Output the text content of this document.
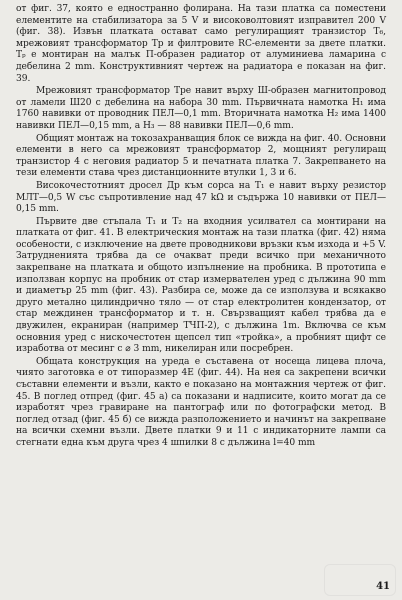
от фиг. 37, която е едностранно фолирана. На тази платка са поместени елементите на стабилизатора за 5 V и високоволтовият изправител 200 V (фиг. 38). Извън платката остават само регулиращият транзистор T₆, мрежовият трансформатор Tp и филтровите RC-елементи за двете платки. Tₚ е монтиран на малък П-образен радиатор от алуминиева ламарина с дебелина 2 mm. Конструктивният чертеж на радиатора е показан на фиг. 39.

Мрежовият трансформатор Tpe навит върху Ш-образен магнитопровод от ламели Ш20 с дебелина на набора 30 mm. Първичната намотка H₁ има 1760 навивки от проводник ПЕЛ—0,1 mm. Вторичната намотка H₂ има 1400 навивки ПЕЛ—0,15 mm, а H₃ — 88 навивки ПЕЛ—0,6 mm.

Общият монтаж на токозахранващия блок се вижда на фиг. 40. Основни елементи в него са мрежовият трансформатор 2, мощният регулиращ транзистор 4 с неговия радиатор 5 и печатната платка 7. Закрепването на тези елементи става чрез дистанционните втулки 1, 3 и 6.

Високочестотният дросел Др към сорса на T₁ е навит върху резистор МЛТ—0,5 W със съпротивление над 47 kΩ и съдържа 10 навивки от ПЕЛ—0,15 mm.

Първите две стъпала T₁ и T₂ на входния усилвател са монтирани на платката от фиг. 41. В електрическия монтаж на тази платка (фиг. 42) няма особености, с изключение на двете проводникови връзки към изхода и +5 V. Затрудненията трябва да се очакват преди всичко при механичното закрепване на платката и общото изпълнение на пробника. В прототипа е използван корпус на пробник от стар измервателен уред с дължина 90 mm и диаметър 25 mm (фиг. 43). Разбира се, може да се използува и всякакво друго метално цилиндрично тяло — от стар електролитен кондензатор, от стар междинен трансформатор и т. н. Свързващият кабел трябва да е двужилен, екраниран (например ТЧП-2), с дължина 1m. Включва се към основния уред с нискочестотен щепсел тип «тройка», а пробният щифт се изработва от месинг с ⌀ 3 mm, никелиран или посребрен.

Общата конструкция на уреда е съставена от носеща лицева плоча, чиято заготовка е от типоразмер 4Е (фиг. 44). На нея са закрепени всички съставни елементи и възли, както е показано на монтажния чертеж от фиг. 45. В поглед отпред (фиг. 45 а) са показани и надписите, които могат да се изработят чрез гравиране на пантограф или по фотографски метод. В поглед отзад (фиг. 45 б) се вижда разположението и начинът на закрепване на всички схемни възли. Двете платки 9 и 11 с индикаторните лампи са стегнати една към друга чрез 4 шпилки 8 с дължина l=40 mm

41
